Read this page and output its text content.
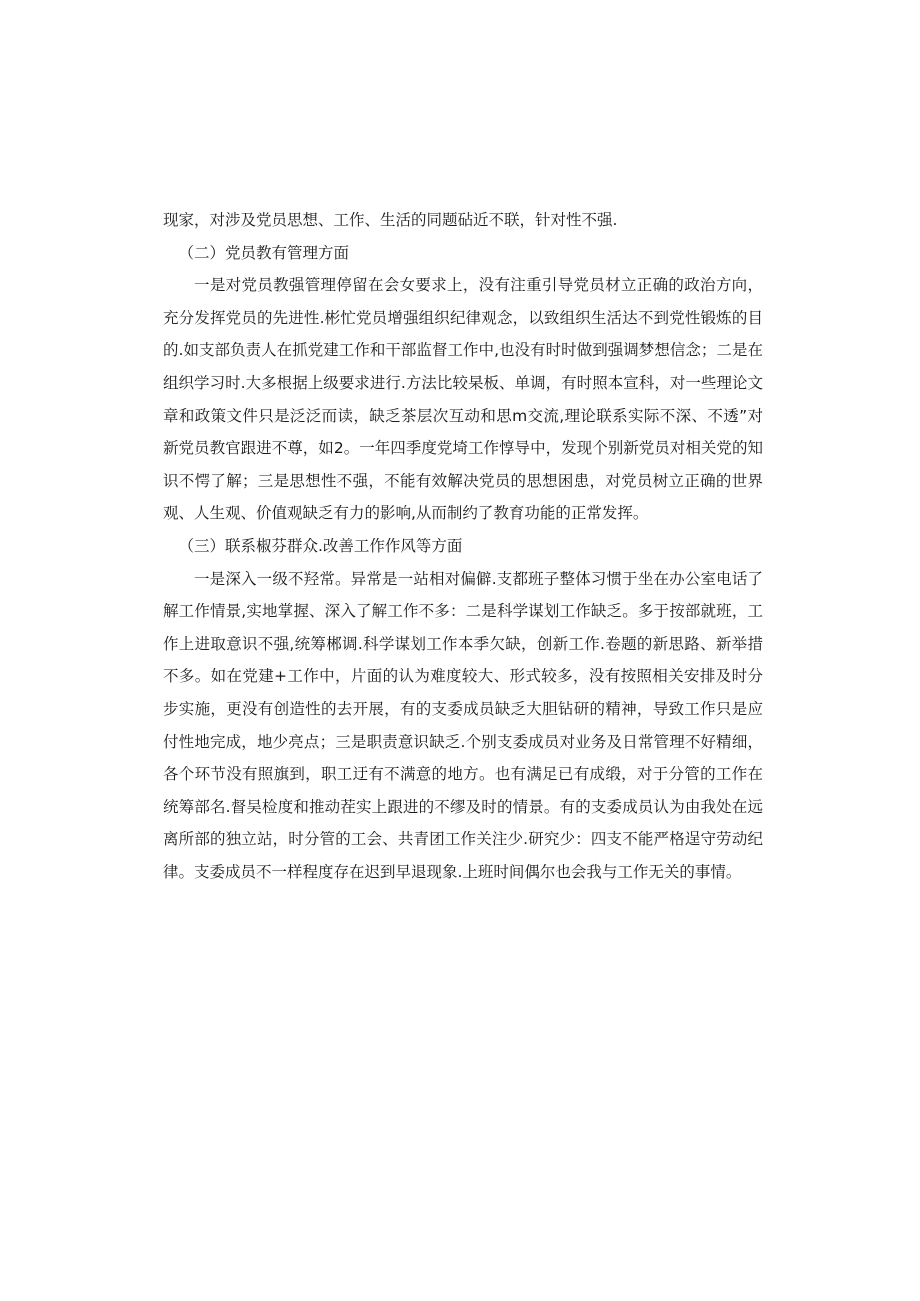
现家，对涉及党员思想、工作、生活的同题砧近不联，针对性不强.

（二）党员教有管理方面

一是对党员教强管理停留在会女要求上，没有注重引导党员材立正确的政治方向，充分发挥党员的先进性.彬忙党员增强组织纪律观念，以致组织生活达不到党性锻炼的目的.如支部负责人在抓党建工作和干部监督工作中,也没有时时做到强调梦想信念；二是在组织学习时.大多根据上级要求进行.方法比较杲板、单调，有时照本宣科，对一些理论文章和政策文件只是泛泛而读，缺乏茶层次互动和思m交流,理论联系实际不深、不透”对新党员教官跟进不尊，如2。一年四季度党埼工作惇导中，发现个别新党员对相关党的知识不愕了解；三是思想性不强，不能有效解决党员的思想困患，对党员树立正确的世界观、人生观、价值观缺乏有力的影响,从而制约了教育功能的正常发挥。

（三）联系椒芬群众.改善工作作风等方面

一是深入一级不羟常。异常是一站相对偏僻.支都班子整体习惯于坐在办公室电话了解工作情景,实地掌握、深入了解工作不多：二是科学谋划工作缺乏。多于按部就班，工作上进取意识不强,统筹郴调.科学谋划工作本季欠缺，创新工作.卷题的新思路、新举措不多。如在党建+工作中，片面的认为难度较大、形式较多，没有按照相关安排及时分步实施，更没有创造性的去开展，有的支委成员缺乏大胆钻研的精神，导致工作只是应付性地完成，地少亮点；三是职责意识缺乏.个别支委成员对业务及日常管理不好精细，各个环节没有照旗到，职工迂有不满意的地方。也有满足已有成缎，对于分管的工作在统筹部名.督吴检度和推动茬实上跟进的不缪及时的情景。有的支委成员认为由我处在远离所部的独立站，时分管的工会、共青团工作关注少.研究少：四支不能严格逞守劳动纪律。支委成员不一样程度存在迟到早退现象.上班时间偶尔也会我与工作无关的事情。
